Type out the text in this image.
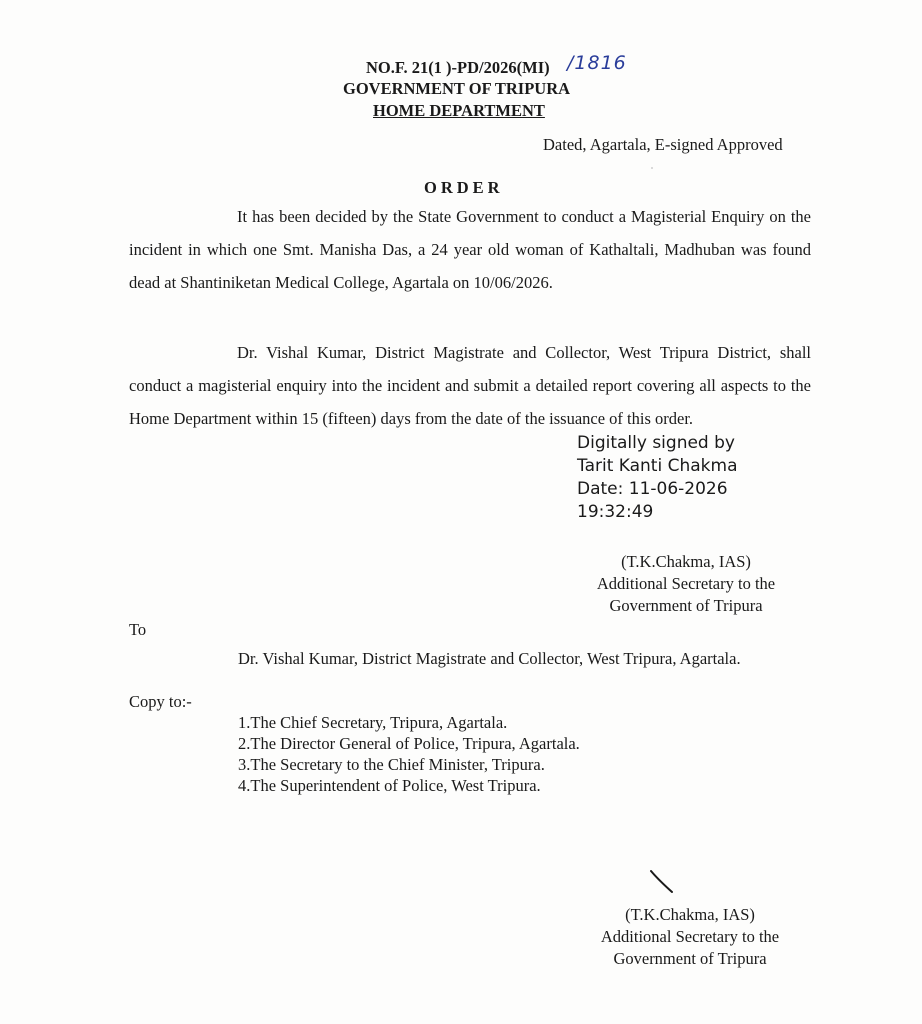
NO.F. 21(1 )-PD/2026(MI) /1816
GOVERNMENT OF TRIPURA
HOME DEPARTMENT
Dated, Agartala, E-signed Approved
ORDER
It has been decided by the State Government to conduct a Magisterial Enquiry on the incident in which one Smt. Manisha Das, a 24 year old woman of Kathaltali, Madhuban was found dead at Shantiniketan Medical College, Agartala on 10/06/2026.
Dr. Vishal Kumar, District Magistrate and Collector, West Tripura District, shall conduct a magisterial enquiry into the incident and submit a detailed report covering all aspects to the Home Department within 15 (fifteen) days from the date of the issuance of this order.
Digitally signed by
Tarit Kanti Chakma
Date: 11-06-2026
19:32:49
(T.K.Chakma, IAS)
Additional Secretary to the
Government of Tripura
To
Dr. Vishal Kumar, District Magistrate and Collector, West Tripura, Agartala.
Copy to:-
1.The Chief Secretary, Tripura, Agartala.
2.The Director General of Police, Tripura, Agartala.
3.The Secretary to the Chief Minister, Tripura.
4.The Superintendent of Police, West Tripura.
(T.K.Chakma, IAS)
Additional Secretary to the
Government of Tripura
